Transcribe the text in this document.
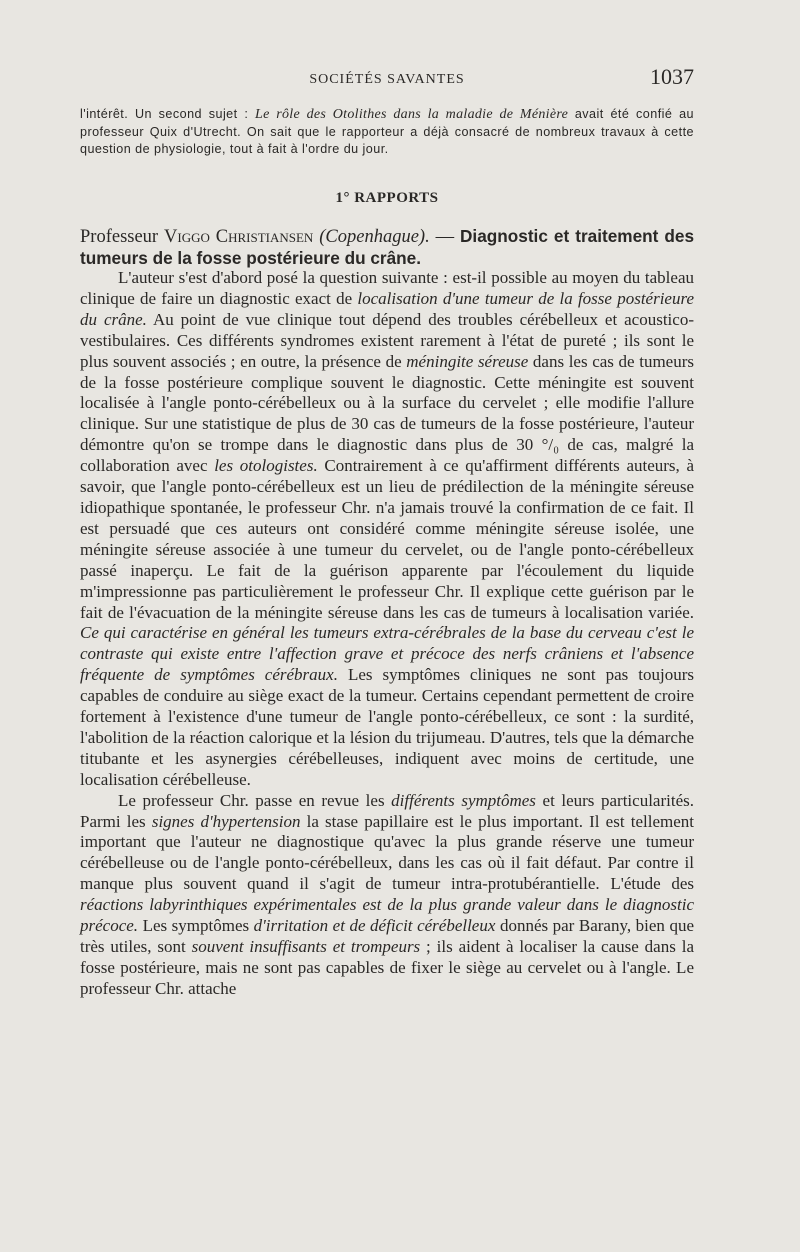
SOCIÉTÉS SAVANTES	1037

l'intérêt. Un second sujet : Le rôle des Otolithes dans la maladie de Ménière avait été confié au professeur Quix d'Utrecht. On sait que le rapporteur a déjà consacré de nombreux travaux à cette question de physiologie, tout à fait à l'ordre du jour.

1° RAPPORTS

Professeur Viggo Christiansen (Copenhague). — Diagnostic et traitement des tumeurs de la fosse postérieure du crâne.

L'auteur s'est d'abord posé la question suivante : est-il possible au moyen du tableau clinique de faire un diagnostic exact de localisation d'une tumeur de la fosse postérieure du crâne. Au point de vue clinique tout dépend des troubles cérébelleux et acoustico-vestibulaires. Ces différents syndromes existent rarement à l'état de pureté ; ils sont le plus souvent associés ; en outre, la présence de méningite séreuse dans les cas de tumeurs de la fosse postérieure complique souvent le diagnostic. Cette méningite est souvent localisée à l'angle ponto-cérébelleux ou à la surface du cervelet ; elle modifie l'allure clinique. Sur une statistique de plus de 30 cas de tumeurs de la fosse postérieure, l'auteur démontre qu'on se trompe dans le diagnostic dans plus de 30 °/₀ de cas, malgré la collaboration avec les otologistes. Contrairement à ce qu'affirment différents auteurs, à savoir, que l'angle ponto-cérébelleux est un lieu de prédilection de la méningite séreuse idiopathique spontanée, le professeur Chr. n'a jamais trouvé la confirmation de ce fait. Il est persuadé que ces auteurs ont considéré comme méningite séreuse isolée, une méningite séreuse associée à une tumeur du cervelet, ou de l'angle ponto-cérébelleux passé inaperçu. Le fait de la guérison apparente par l'écoulement du liquide m'impressionne pas particulièrement le professeur Chr. Il explique cette guérison par le fait de l'évacuation de la méningite séreuse dans les cas de tumeurs à localisation variée. Ce qui caractérise en général les tumeurs extra-cérébrales de la base du cerveau c'est le contraste qui existe entre l'affection grave et précoce des nerfs crâniens et l'absence fréquente de symptômes cérébraux. Les symptômes cliniques ne sont pas toujours capables de conduire au siège exact de la tumeur. Certains cependant permettent de croire fortement à l'existence d'une tumeur de l'angle ponto-cérébelleux, ce sont : la surdité, l'abolition de la réaction calorique et la lésion du trijumeau. D'autres, tels que la démarche titubante et les asynergies cérébelleuses, indiquent avec moins de certitude, une localisation cérébelleuse.

Le professeur Chr. passe en revue les différents symptômes et leurs particularités. Parmi les signes d'hypertension la stase papillaire est le plus important. Il est tellement important que l'auteur ne diagnostique qu'avec la plus grande réserve une tumeur cérébelleuse ou de l'angle ponto-cérébelleux, dans les cas où il fait défaut. Par contre il manque plus souvent quand il s'agit de tumeur intra-protubérantielle. L'étude des réactions labyrinthiques expérimentales est de la plus grande valeur dans le diagnostic précoce. Les symptômes d'irritation et de déficit cérébelleux donnés par Barany, bien que très utiles, sont souvent insuffisants et trompeurs ; ils aident à localiser la cause dans la fosse postérieure, mais ne sont pas capables de fixer le siège au cervelet ou à l'angle. Le professeur Chr. attache
